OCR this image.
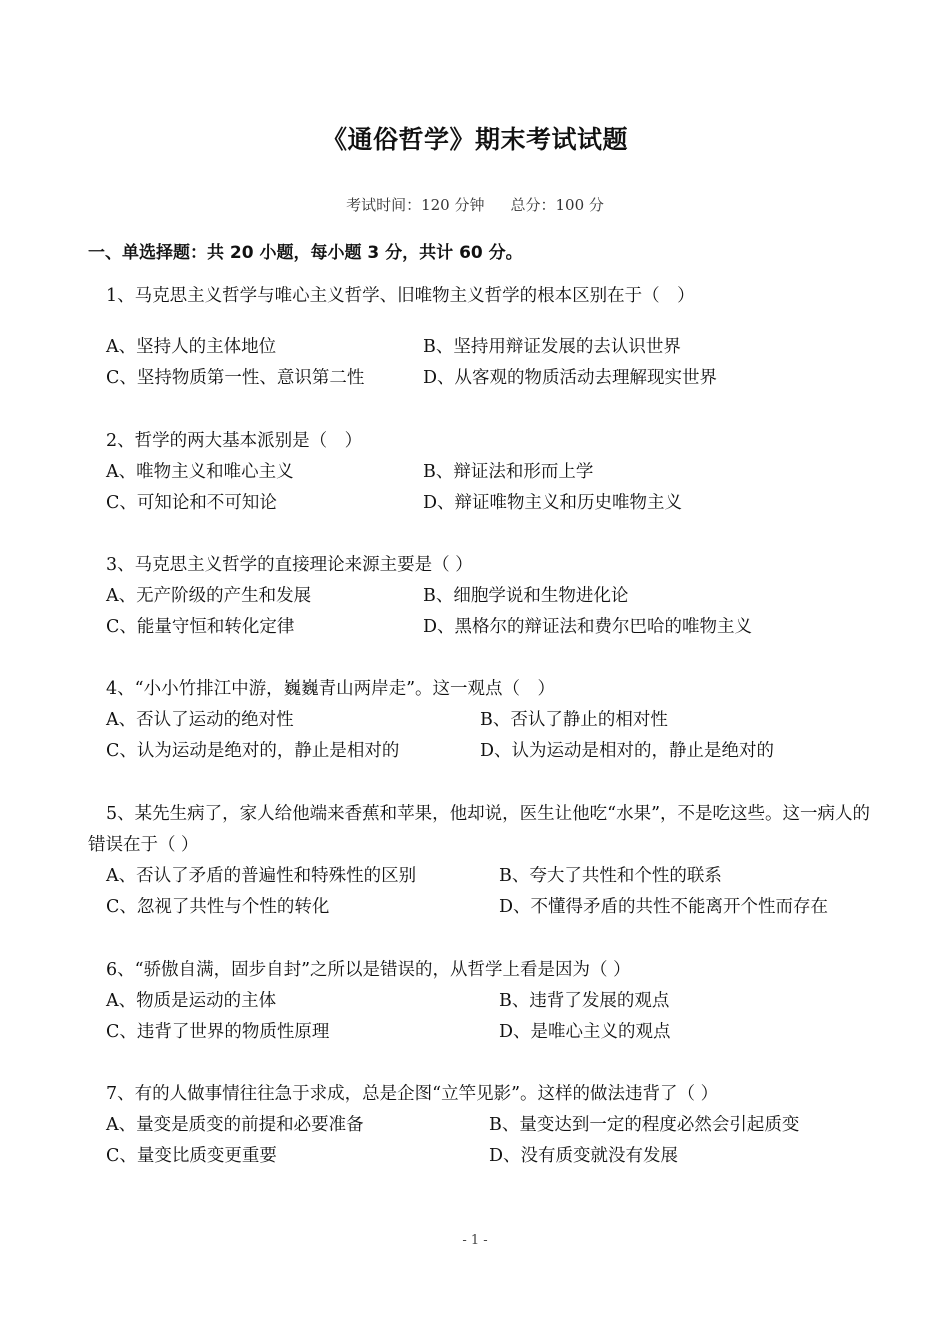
《通俗哲学》期末考试试题
考试时间：120 分钟 总分：100 分
一、单选择题：共 20 小题，每小题 3 分，共计 60 分。
1、马克思主义哲学与唯心主义哲学、旧唯物主义哲学的根本区别在于（　）
A、坚持人的主体地位	B、坚持用辩证发展的去认识世界
C、坚持物质第一性、意识第二性	D、从客观的物质活动去理解现实世界
2、哲学的两大基本派别是（　）
A、唯物主义和唯心主义	B、辩证法和形而上学
C、可知论和不可知论	D、辩证唯物主义和历史唯物主义
3、马克思主义哲学的直接理论来源主要是（ ）
A、无产阶级的产生和发展	B、细胞学说和生物进化论
C、能量守恒和转化定律	D、黑格尔的辩证法和费尔巴哈的唯物主义
4、“小小竹排江中游，巍巍青山两岸走”。这一观点（　）
A、否认了运动的绝对性	B、否认了静止的相对性
C、认为运动是绝对的，静止是相对的	D、认为运动是相对的，静止是绝对的
5、某先生病了，家人给他端来香蕉和苹果，他却说，医生让他吃“水果”，不是吃这些。这一病人的错误在于（ ）
A、否认了矛盾的普遍性和特殊性的区别	B、夸大了共性和个性的联系
C、忽视了共性与个性的转化	D、不懂得矛盾的共性不能离开个性而存在
6、“骄傲自满，固步自封”之所以是错误的，从哲学上看是因为（ ）
A、物质是运动的主体	B、违背了发展的观点
C、违背了世界的物质性原理	D、是唯心主义的观点
7、有的人做事情往往急于求成，总是企图“立竿见影”。这样的做法违背了（ ）
A、量变是质变的前提和必要准备	B、量变达到一定的程度必然会引起质变
C、量变比质变更重要	D、没有质变就没有发展
- 1 -
